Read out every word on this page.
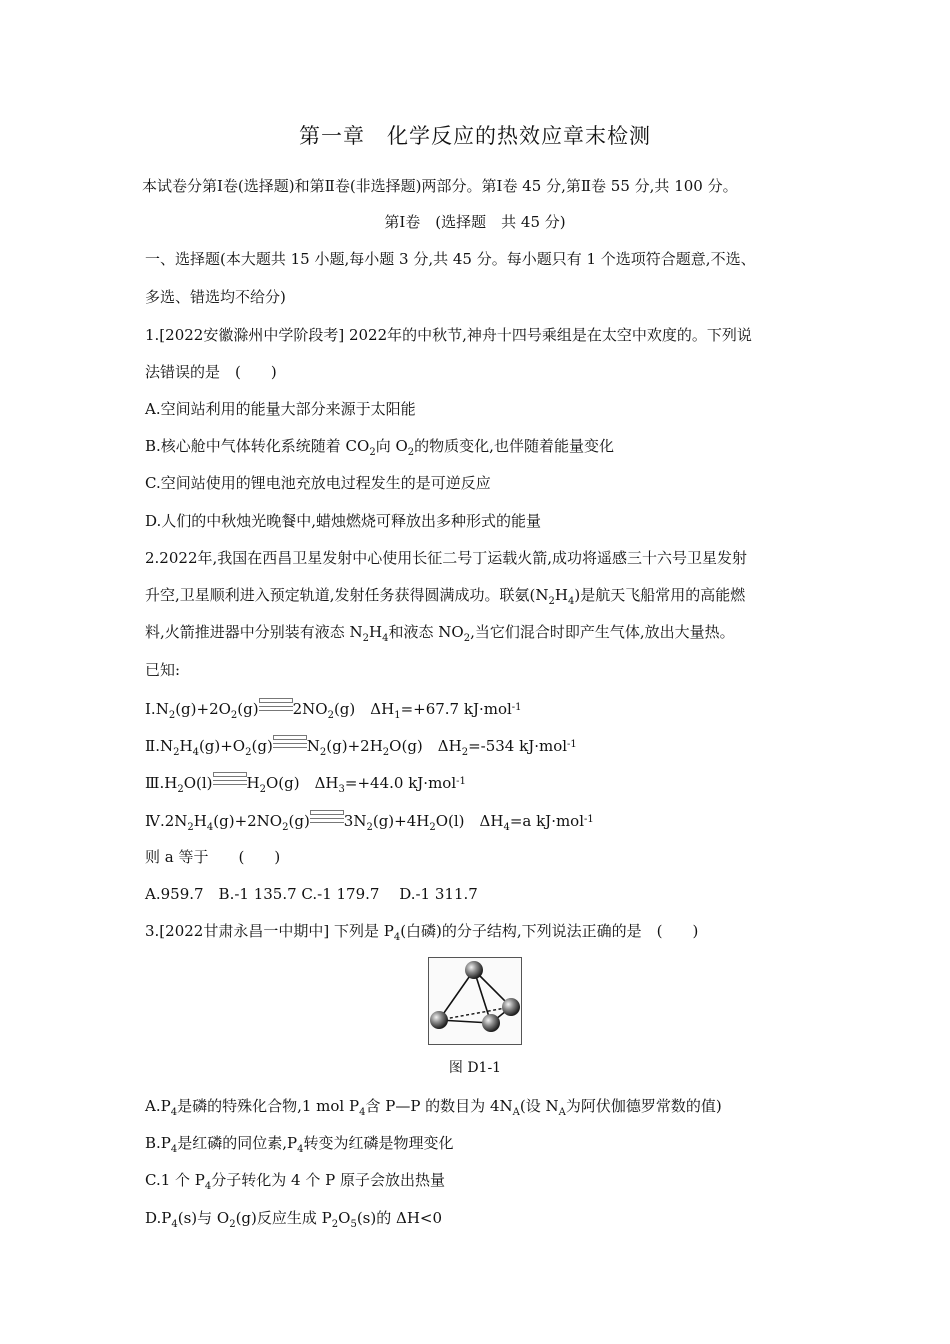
第一章　化学反应的热效应章末检测
本试卷分第Ⅰ卷(选择题)和第Ⅱ卷(非选择题)两部分。第Ⅰ卷 45 分,第Ⅱ卷 55 分,共 100 分。
第Ⅰ卷　(选择题　共 45 分)
一、选择题(本大题共 15 小题,每小题 3 分,共 45 分。每小题只有 1 个选项符合题意,不选、
多选、错选均不给分)
1.[2022安徽滁州中学阶段考] 2022年的中秋节,神舟十四号乘组是在太空中欢度的。下列说
法错误的是　(　　)
A.空间站利用的能量大部分来源于太阳能
B.核心舱中气体转化系统随着 $CO_2$向 $O_2$的物质变化,也伴随着能量变化
C.空间站使用的锂电池充放电过程发生的是可逆反应
D.人们的中秋烛光晚餐中,蜡烛燃烧可释放出多种形式的能量
2.2022年,我国在西昌卫星发射中心使用长征二号丁运载火箭,成功将遥感三十六号卫星发射
升空,卫星顺利进入预定轨道,发射任务获得圆满成功。联氨$(N_2H_4)$是航天飞船常用的高能燃
料,火箭推进器中分别装有液态 $N_2H_4$和液态 $NO_2$,当它们混合时即产生气体,放出大量热。
已知:
$Ⅰ.N_2(g)+2O_2(g)$ $2NO_2(g)$　$\Delta H_1=+67.7$ kJ·mol$^{-1}$
$Ⅱ.N_2H_4(g)+O_2(g)$ $N_2(g)+2H_2O(g)$　$\Delta H_2=-534$ kJ·mol$^{-1}$
$Ⅲ.H_2O(l)$ $H_2O(g)$　$\Delta H_3=+44.0$ kJ·mol$^{-1}$
$Ⅳ.2N_2H_4(g)+2NO_2(g)$ $3N_2(g)+4H_2O(l)$　$\Delta H_4=a$ kJ·mol$^{-1}$
则 a 等于　　(　　)
A.959.7　B.-1 135.7 C.-1 179.7　 D.-1 311.7
3.[2022甘肃永昌一中期中] 下列是 $P_4$(白磷)的分子结构,下列说法正确的是　(　　)
图 D1-1
$A.P_4$是磷的特殊化合物,1 mol $P_4$含 P—P 的数目为 $4N_A$(设 $N_A$为阿伏伽德罗常数的值)
$B.P_4$是红磷的同位素$,P_4$转变为红磷是物理变化
C.1 个 $P_4$分子转化为 4 个 P 原子会放出热量
$D.P_4(s)$与 $O_2(g)$反应生成 $P_2O_5(s)$的 ΔH<0
